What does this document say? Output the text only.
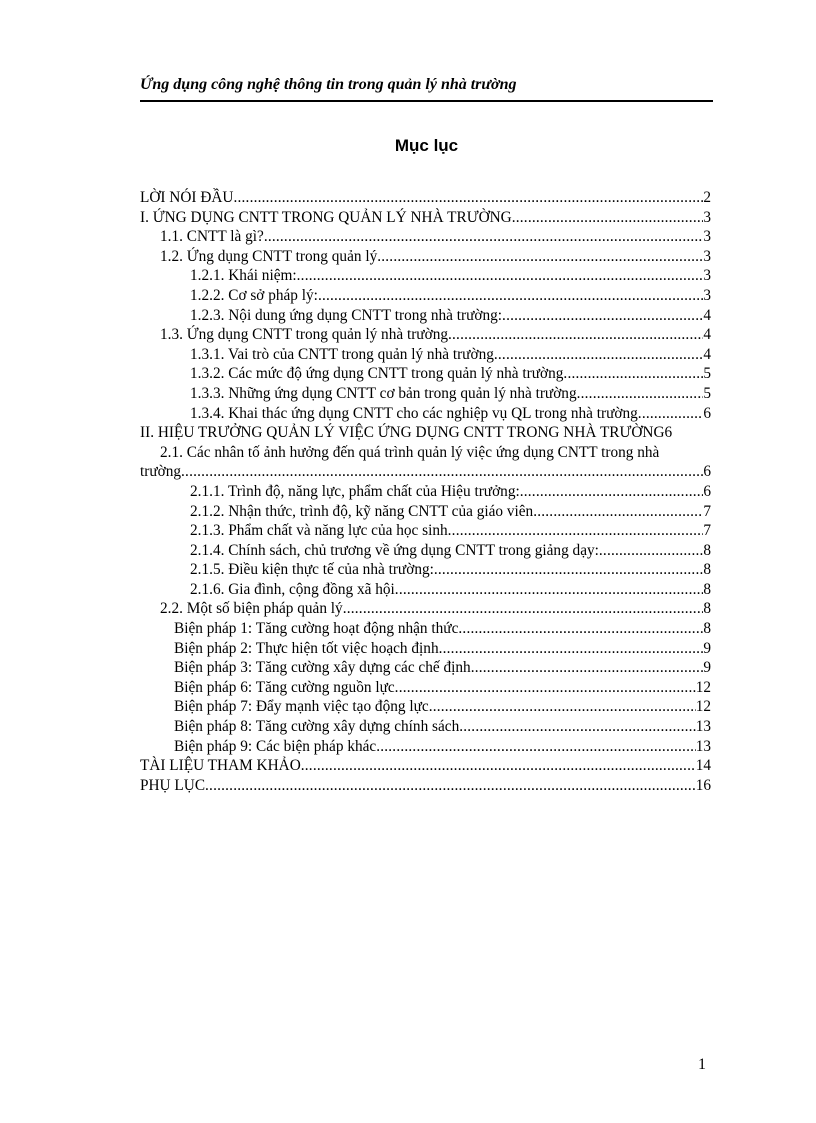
Ứng dụng công nghệ thông tin trong quản lý nhà trường
Mục lục
LỜI NÓI ĐẦU .....	2
I. ỨNG DỤNG CNTT TRONG QUẢN LÝ NHÀ TRƯỜNG .....	3
1.1. CNTT là gì? .....	3
1.2. Ứng dụng CNTT trong quản lý .....	3
1.2.1. Khái niệm: .....	3
1.2.2. Cơ sở pháp lý: .....	3
1.2.3. Nội dung ứng dụng CNTT trong nhà trường: .....	4
1.3. Ứng dụng CNTT trong quản lý nhà trường .....	4
1.3.1. Vai trò của CNTT trong quản lý nhà trường .....	4
1.3.2. Các mức độ ứng dụng CNTT trong quản lý nhà trường .....	5
1.3.3. Những ứng dụng CNTT cơ bản trong quản lý nhà trường .....	5
1.3.4. Khai thác ứng dụng CNTT cho các nghiệp vụ QL trong nhà trường .....	6
II. HIỆU TRƯỞNG QUẢN LÝ VIỆC ỨNG DỤNG CNTT TRONG NHÀ TRƯỜNG 6
2.1. Các nhân tố ảnh hưởng đến quá trình quản lý việc ứng dụng CNTT trong nhà
trường .....	6
2.1.1. Trình độ, năng lực, phẩm chất của Hiệu trưởng: .....	6
2.1.2. Nhận thức, trình độ, kỹ năng CNTT của giáo viên .....	7
2.1.3. Phẩm chất và năng lực của học sinh .....	7
2.1.4. Chính sách, chủ trương về ứng dụng CNTT trong giảng dạy: .....	8
2.1.5. Điều kiện thực tế của nhà trường: .....	8
2.1.6. Gia đình, cộng đồng xã hội .....	8
2.2. Một số biện pháp quản lý .....	8
Biện pháp 1: Tăng cường hoạt động nhận thức .....	8
Biện pháp 2: Thực hiện tốt việc hoạch định .....	9
Biện pháp 3: Tăng cường xây dựng các chế định .....	9
Biện pháp 6: Tăng cường nguồn lực .....	12
Biện pháp 7: Đẩy mạnh việc tạo động lực .....	12
Biện pháp 8: Tăng cường xây dựng chính sách .....	13
Biện pháp 9: Các biện pháp khác .....	13
TÀI LIỆU THAM KHẢO .....	14
PHỤ LỤC .....	16
1
